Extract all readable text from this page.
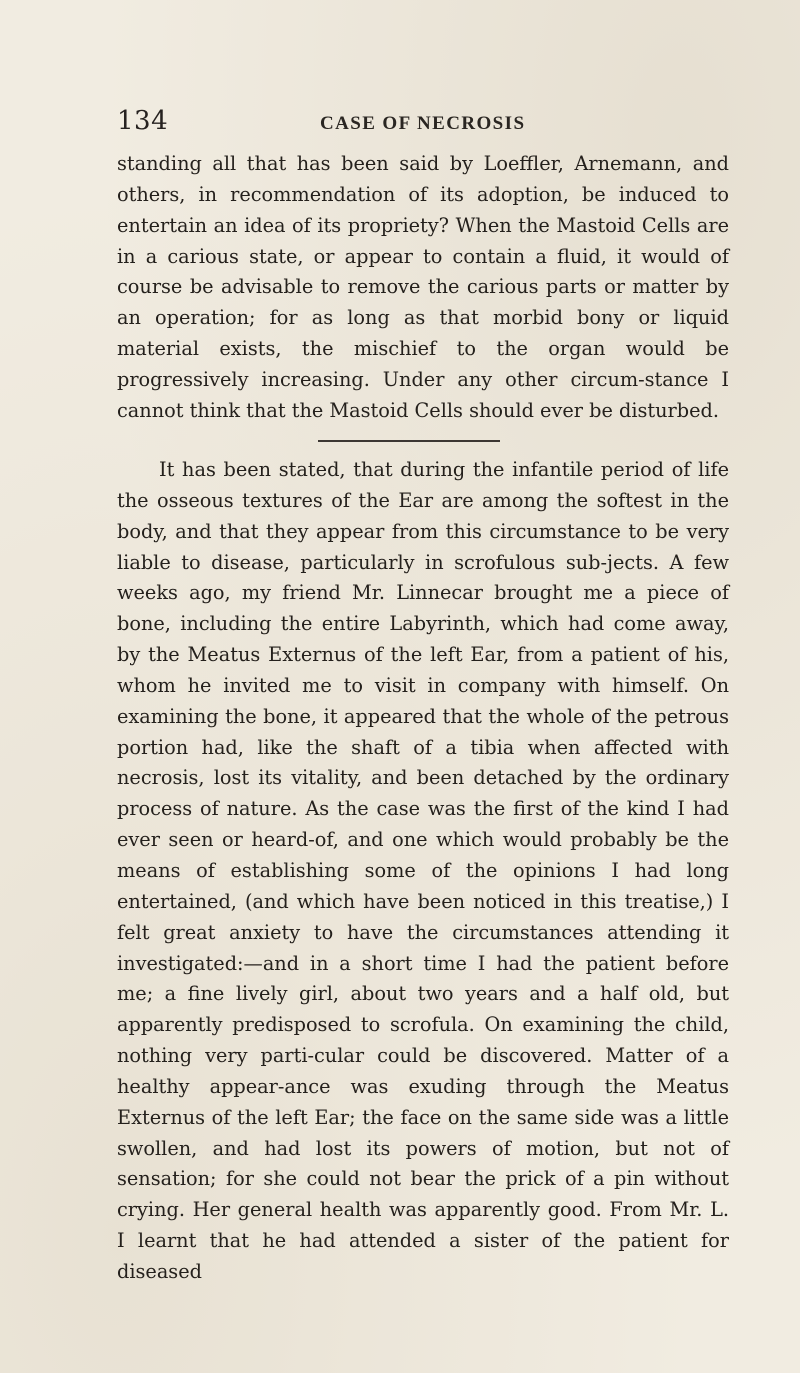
134	CASE OF NECROSIS

standing all that has been said by Loeffler, Arnemann, and others, in recommendation of its adoption, be induced to entertain an idea of its propriety? When the Mastoid Cells are in a carious state, or appear to contain a fluid, it would of course be advisable to remove the carious parts or matter by an operation; for as long as that morbid bony or liquid material exists, the mischief to the organ would be progressively increasing. Under any other circum-stance I cannot think that the Mastoid Cells should ever be disturbed.

It has been stated, that during the infantile period of life the osseous textures of the Ear are among the softest in the body, and that they appear from this circumstance to be very liable to disease, particularly in scrofulous sub-jects. A few weeks ago, my friend Mr. Linnecar brought me a piece of bone, including the entire Labyrinth, which had come away, by the Meatus Externus of the left Ear, from a patient of his, whom he invited me to visit in company with himself. On examining the bone, it appeared that the whole of the petrous portion had, like the shaft of a tibia when affected with necrosis, lost its vitality, and been detached by the ordinary process of nature. As the case was the first of the kind I had ever seen or heard-of, and one which would probably be the means of establishing some of the opinions I had long entertained, (and which have been noticed in this treatise,) I felt great anxiety to have the circumstances attending it investigated:—and in a short time I had the patient before me; a fine lively girl, about two years and a half old, but apparently predisposed to scrofula. On examining the child, nothing very parti-cular could be discovered. Matter of a healthy appear-ance was exuding through the Meatus Externus of the left Ear; the face on the same side was a little swollen, and had lost its powers of motion, but not of sensation; for she could not bear the prick of a pin without crying. Her general health was apparently good. From Mr. L. I learnt that he had attended a sister of the patient for diseased
